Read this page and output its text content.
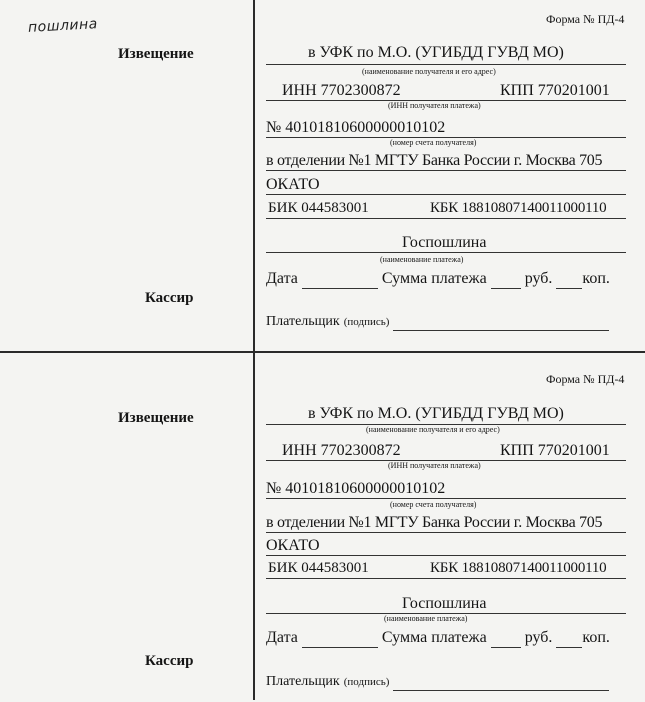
пошлина	Форма № ПД-4
Извещение
Кассир
в УФК по М.О. (УГИБДД ГУВД МО)
(наименование получателя и его адрес)
ИНН 7702300872	КПП 770201001
(ИНН получателя платежа)
№ 40101810600000010102
(номер счета получателя)
в отделении №1 МГТУ Банка России г. Москва 705
ОКАТО
БИК 044583001	КБК 18810807140011000110
Госпошлина
(наименование платежа)
Дата	Сумма платежа руб. коп.
Плательщик (подпись)
Форма № ПД-4
Извещение
Кассир
в УФК по М.О. (УГИБДД ГУВД МО)
(наименование получателя и его адрес)
ИНН 7702300872	КПП 770201001
(ИНН получателя платежа)
№ 40101810600000010102
(номер счета получателя)
в отделении №1 МГТУ Банка России г. Москва 705
ОКАТО
БИК 044583001	КБК 18810807140011000110
Госпошлина
(наименование платежа)
Дата	Сумма платежа руб. коп.
Плательщик (подпись)
